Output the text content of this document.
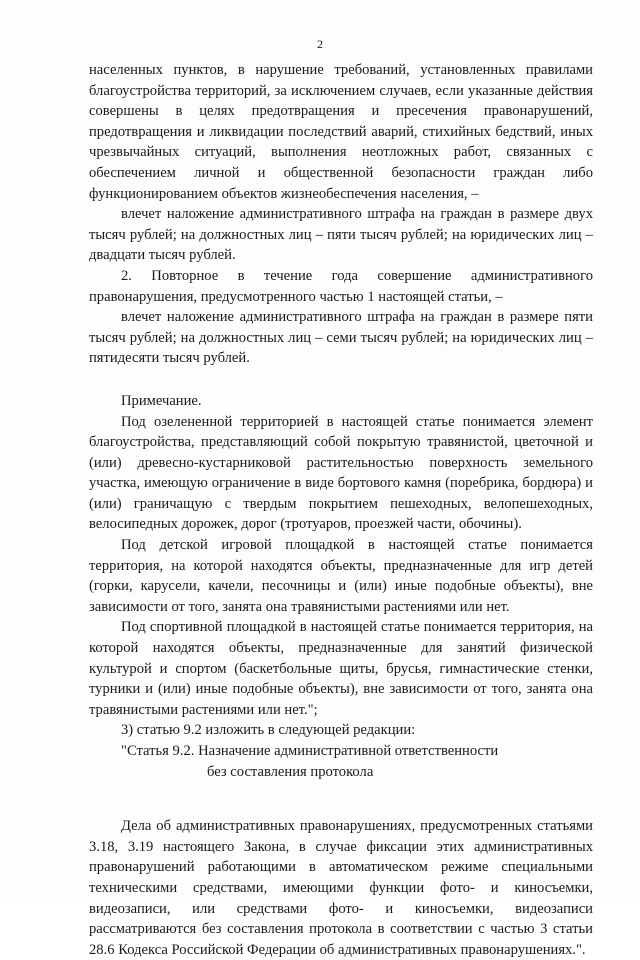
2

населенных пунктов, в нарушение требований, установленных правилами благоустройства территорий, за исключением случаев, если указанные действия совершены в целях предотвращения и пресечения правонарушений, предотвращения и ликвидации последствий аварий, стихийных бедствий, иных чрезвычайных ситуаций, выполнения неотложных работ, связанных с обеспечением личной и общественной безопасности граждан либо функционированием объектов жизнеобеспечения населения, –

влечет наложение административного штрафа на граждан в размере двух тысяч рублей; на должностных лиц – пяти тысяч рублей; на юридических лиц – двадцати тысяч рублей.

2. Повторное в течение года совершение административного правонарушения, предусмотренного частью 1 настоящей статьи, –

влечет наложение административного штрафа на граждан в размере пяти тысяч рублей; на должностных лиц – семи тысяч рублей; на юридических лиц – пятидесяти тысяч рублей.

Примечание.

Под озелененной территорией в настоящей статье понимается элемент благоустройства, представляющий собой покрытую травянистой, цветочной и (или) древесно-кустарниковой растительностью поверхность земельного участка, имеющую ограничение в виде бортового камня (поребрика, бордюра) и (или) граничащую с твердым покрытием пешеходных, велопешеходных, велосипедных дорожек, дорог (тротуаров, проезжей части, обочины).

Под детской игровой площадкой в настоящей статье понимается территория, на которой находятся объекты, предназначенные для игр детей (горки, карусели, качели, песочницы и (или) иные подобные объекты), вне зависимости от того, занята она травянистыми растениями или нет.

Под спортивной площадкой в настоящей статье понимается территория, на которой находятся объекты, предназначенные для занятий физической культурой и спортом (баскетбольные щиты, брусья, гимнастические стенки, турники и (или) иные подобные объекты), вне зависимости от того, занята она травянистыми растениями или нет.";

3) статью 9.2 изложить в следующей редакции:

"Статья 9.2. Назначение административной ответственности

без составления протокола

Дела об административных правонарушениях, предусмотренных статьями 3.18, 3.19 настоящего Закона, в случае фиксации этих административных правонарушений работающими в автоматическом режиме специальными техническими средствами, имеющими функции фото- и киносъемки, видеозаписи, или средствами фото- и киносъемки, видеозаписи рассматриваются без составления протокола в соответствии с частью 3 статьи 28.6 Кодекса Российской Федерации об административных правонарушениях.".
